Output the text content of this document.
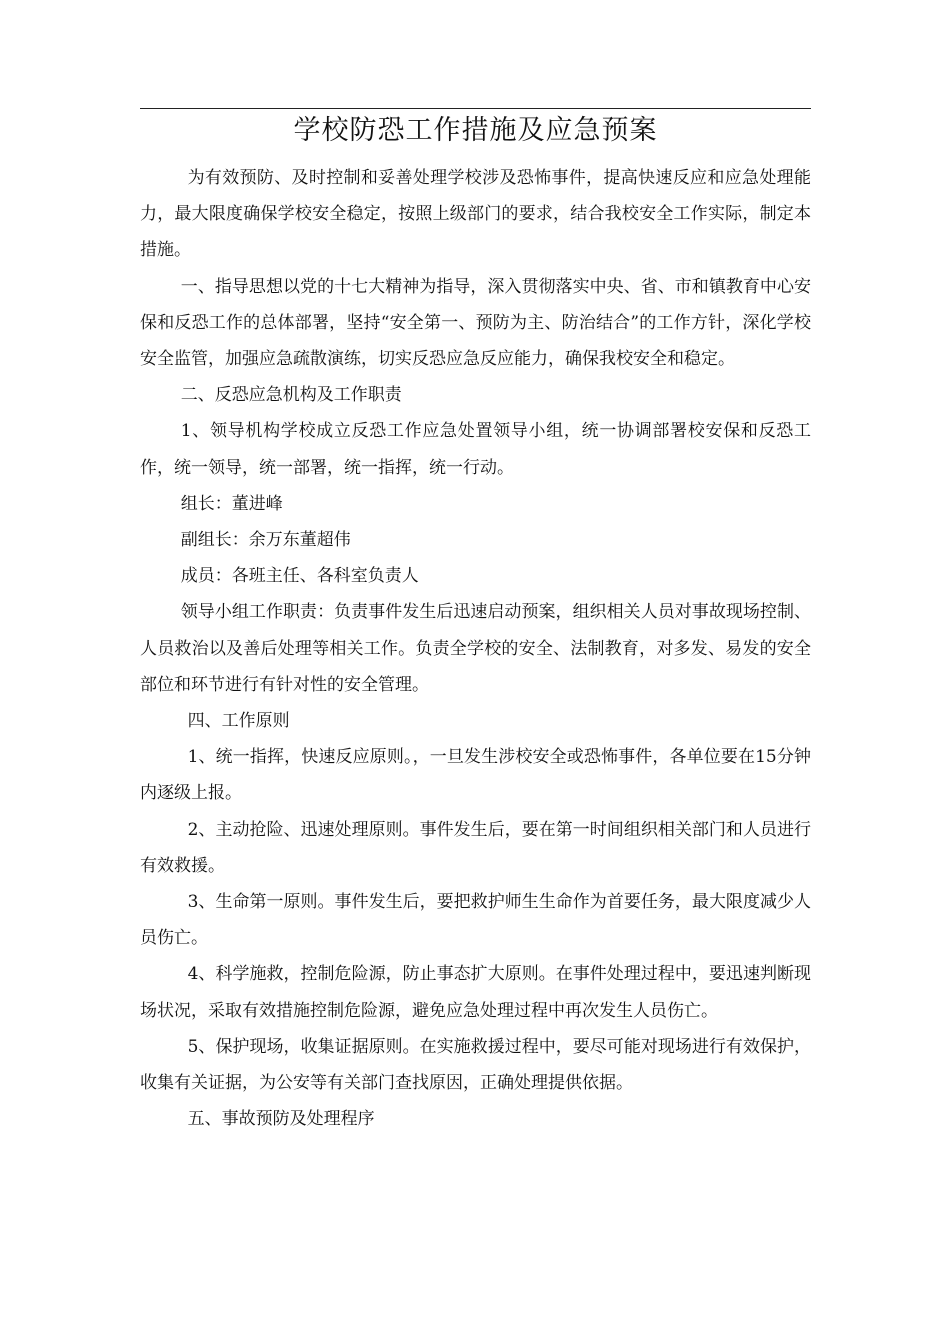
学校防恐工作措施及应急预案

为有效预防、及时控制和妥善处理学校涉及恐怖事件，提高快速反应和应急处理能力，最大限度确保学校安全稳定，按照上级部门的要求，结合我校安全工作实际，制定本措施。

一、指导思想以党的十七大精神为指导，深入贯彻落实中央、省、市和镇教育中心安保和反恐工作的总体部署，坚持“安全第一、预防为主、防治结合”的工作方针，深化学校安全监管，加强应急疏散演练，切实反恐应急反应能力，确保我校安全和稳定。

二、反恐应急机构及工作职责

1、领导机构学校成立反恐工作应急处置领导小组，统一协调部署校安保和反恐工作，统一领导，统一部署，统一指挥，统一行动。

组长：董进峰

副组长：余万东董超伟

成员：各班主任、各科室负责人

领导小组工作职责：负责事件发生后迅速启动预案，组织相关人员对事故现场控制、人员救治以及善后处理等相关工作。负责全学校的安全、法制教育，对多发、易发的安全部位和环节进行有针对性的安全管理。

四、工作原则

1、统一指挥，快速反应原则。，一旦发生涉校安全或恐怖事件，各单位要在15分钟内逐级上报。

2、主动抢险、迅速处理原则。事件发生后，要在第一时间组织相关部门和人员进行有效救援。

3、生命第一原则。事件发生后，要把救护师生生命作为首要任务，最大限度减少人员伤亡。

4、科学施救，控制危险源，防止事态扩大原则。在事件处理过程中，要迅速判断现场状况，采取有效措施控制危险源，避免应急处理过程中再次发生人员伤亡。

5、保护现场，收集证据原则。在实施救援过程中，要尽可能对现场进行有效保护，收集有关证据，为公安等有关部门查找原因，正确处理提供依据。

五、事故预防及处理程序
